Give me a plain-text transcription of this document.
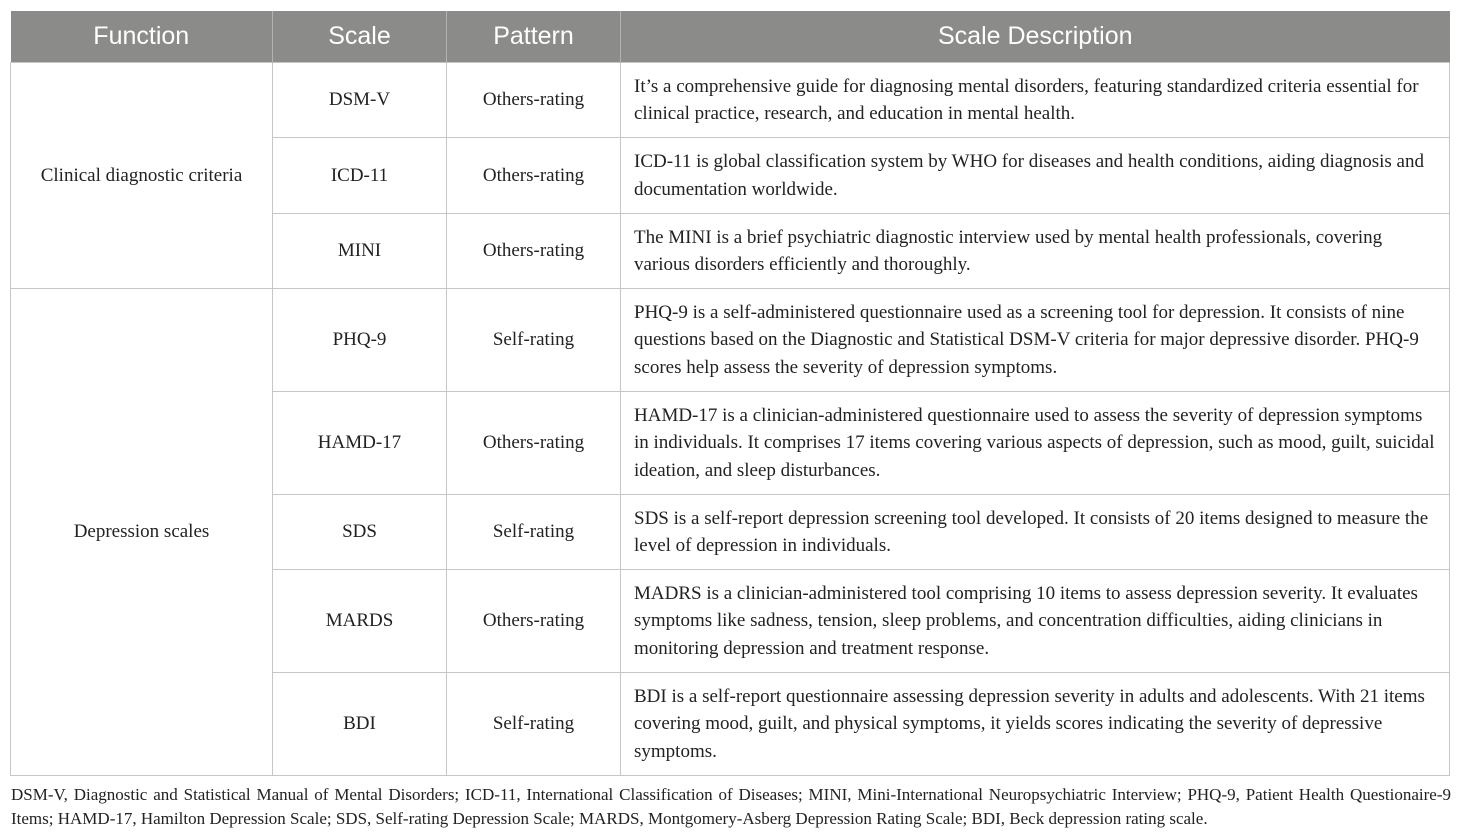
Function	Scale	Pattern	Scale Description
Clinical diagnostic criteria	DSM-V	Others-rating	It’s a comprehensive guide for diagnosing mental disorders, featuring standardized criteria essential for clinical practice, research, and education in mental health.
	ICD-11	Others-rating	ICD-11 is global classification system by WHO for diseases and health conditions, aiding diagnosis and documentation worldwide.
	MINI	Others-rating	The MINI is a brief psychiatric diagnostic interview used by mental health professionals, covering various disorders efficiently and thoroughly.
Depression scales	PHQ-9	Self-rating	PHQ-9 is a self-administered questionnaire used as a screening tool for depression. It consists of nine questions based on the Diagnostic and Statistical DSM-V criteria for major depressive disorder. PHQ-9 scores help assess the severity of depression symptoms.
	HAMD-17	Others-rating	HAMD-17 is a clinician-administered questionnaire used to assess the severity of depression symptoms in individuals. It comprises 17 items covering various aspects of depression, such as mood, guilt, suicidal ideation, and sleep disturbances.
	SDS	Self-rating	SDS is a self-report depression screening tool developed. It consists of 20 items designed to measure the level of depression in individuals.
	MARDS	Others-rating	MADRS is a clinician-administered tool comprising 10 items to assess depression severity. It evaluates symptoms like sadness, tension, sleep problems, and concentration difficulties, aiding clinicians in monitoring depression and treatment response.
	BDI	Self-rating	BDI is a self-report questionnaire assessing depression severity in adults and adolescents. With 21 items covering mood, guilt, and physical symptoms, it yields scores indicating the severity of depressive symptoms.
DSM-V, Diagnostic and Statistical Manual of Mental Disorders; ICD-11, International Classification of Diseases; MINI, Mini-International Neuropsychiatric Interview; PHQ-9, Patient Health Questionaire-9 Items; HAMD-17, Hamilton Depression Scale; SDS, Self-rating Depression Scale; MARDS, Montgomery-Asberg Depression Rating Scale; BDI, Beck depression rating scale.
